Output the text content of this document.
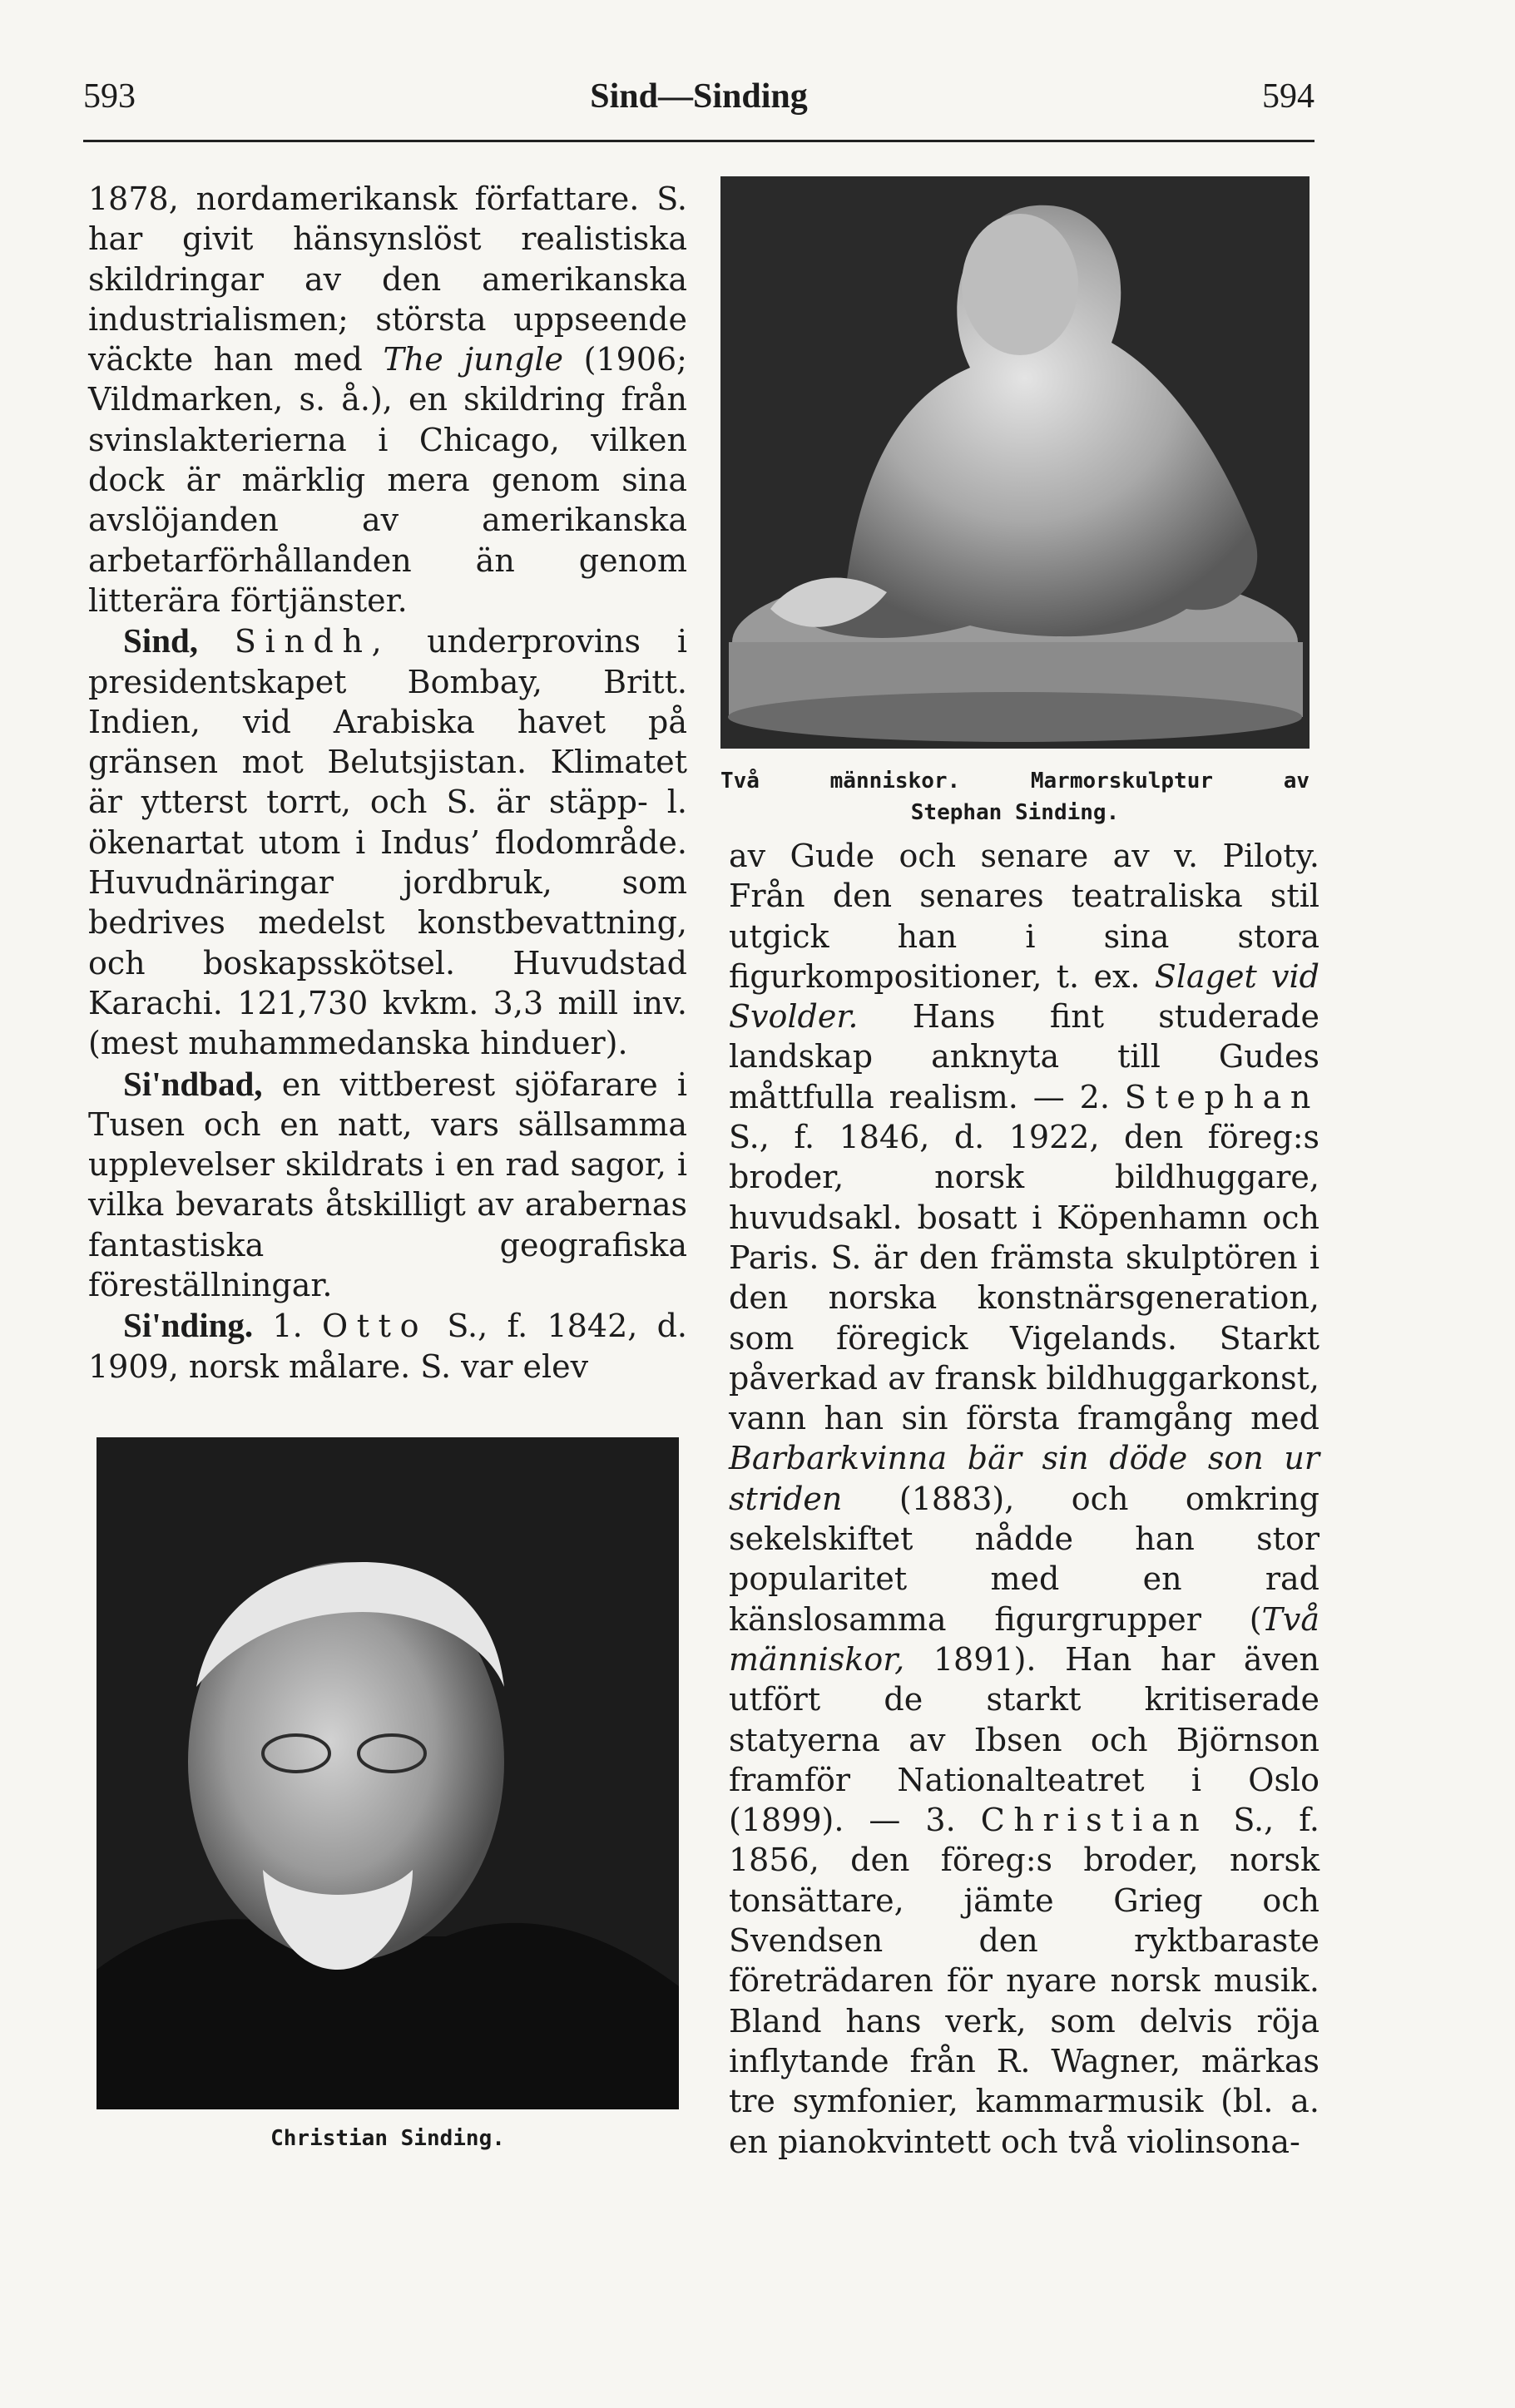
593	Sind—Sinding	594

1878, nordamerikansk författare. S. har givit hänsynslöst realistiska skildringar av den amerikanska industrialismen; största uppseende väckte han med The jungle (1906; Vildmarken, s. å.), en skildring från svinslakterierna i Chicago, vilken dock är märklig mera genom sina avslöjanden av amerikanska arbetarförhållanden än genom litterära förtjänster.

Sind, Sindh, underprovins i presidentskapet Bombay, Britt. Indien, vid Arabiska havet på gränsen mot Belutsjistan. Klimatet är ytterst torrt, och S. är stäpp- l. ökenartat utom i Indus’ flodområde. Huvudnäringar jordbruk, som bedrives medelst konstbevattning, och boskapsskötsel. Huvudstad Karachi. 121,730 kvkm. 3,3 mill inv. (mest muhammedanska hinduer).

Si'ndbad, en vittberest sjöfarare i Tusen och en natt, vars sällsamma upplevelser skildrats i en rad sagor, i vilka bevarats åtskilligt av arabernas fantastiska geografiska föreställningar.

Si'nding. 1. Otto S., f. 1842, d. 1909, norsk målare. S. var elev

Två	människor.	Marmorskulptur	av
Stephan Sinding.

av Gude och senare av v. Piloty. Från den senares teatraliska stil utgick han i sina stora figurkompositioner, t. ex. Slaget vid Svolder. Hans fint studerade landskap anknyta till Gudes måttfulla realism. — 2. Stephan S., f. 1846, d. 1922, den föreg:s broder, norsk bildhuggare, huvudsakl. bosatt i Köpenhamn och Paris. S. är den främsta skulptören i den norska konstnärsgeneration, som föregick Vigelands. Starkt påverkad av fransk bildhuggarkonst, vann han sin första framgång med Barbarkvinna bär sin döde son ur striden (1883), och omkring sekelskiftet nådde han stor popularitet med en rad känslosamma figurgrupper (Två människor, 1891). Han har även utfört de starkt kritiserade statyerna av Ibsen och Björnson framför Nationalteatret i Oslo (1899). — 3. Christian S., f. 1856, den föreg:s broder, norsk tonsättare, jämte Grieg och Svendsen den ryktbaraste företrädaren för nyare norsk musik. Bland hans verk, som delvis röja inflytande från R. Wagner, märkas tre symfonier, kammarmusik (bl. a. en pianokvintett och två violinsona-

Christian Sinding.
